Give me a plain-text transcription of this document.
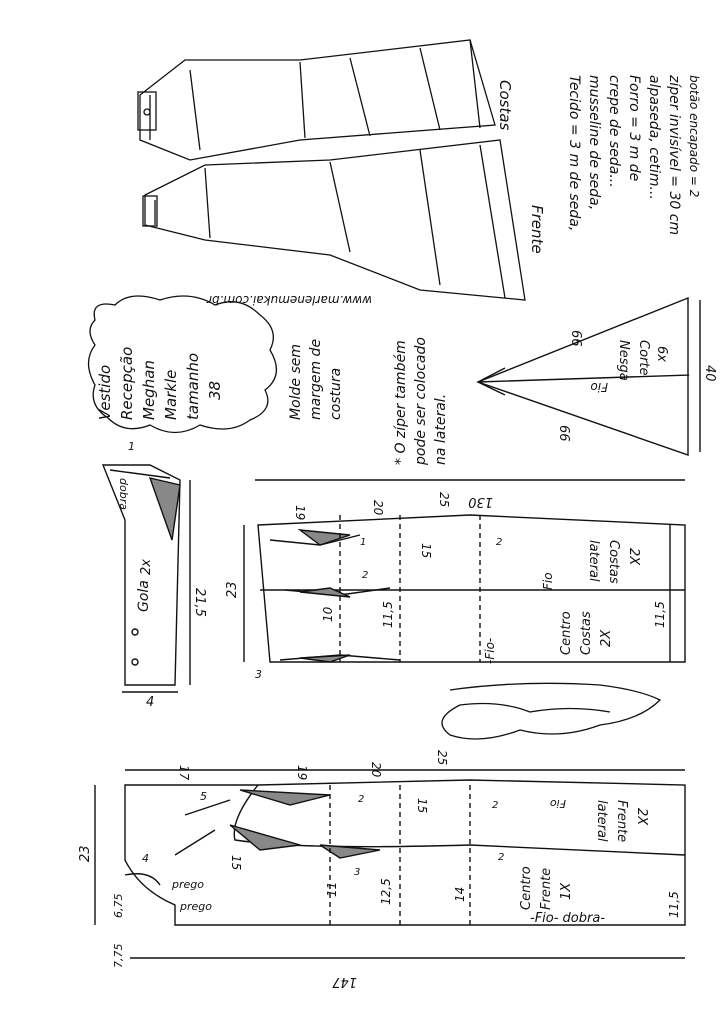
Costas
Frente
www.marlenemukai.com.br
Tecido = 3 m de seda, musseline de seda, crepe de seda... Forro = 3 m de alpaseda, cetim... zíper invisível = 30 cm botão encapado = 2
Vestido Recepção Meghan Markle tamanho 38	Molde sem margem de costura	* O zíper também pode ser colocado na lateral.
66
66
40
Nesga Corte 6x
Fio
Gola
2x
dobra
21,5
4
1
130
23
3
19	20
25
10	11,5	11,5
15
1
2
2
Centro Costas 2X
lateral Costas 2X
Fio
-Fio-
147
23
17	19	20
25
6,75
7,75
4
5
prego
prego
11	12,5	14	11,5
15
15
3
2
2
2
Centro Frente 1X
lateral Frente 2X
-Fio- dobra-
Fio
